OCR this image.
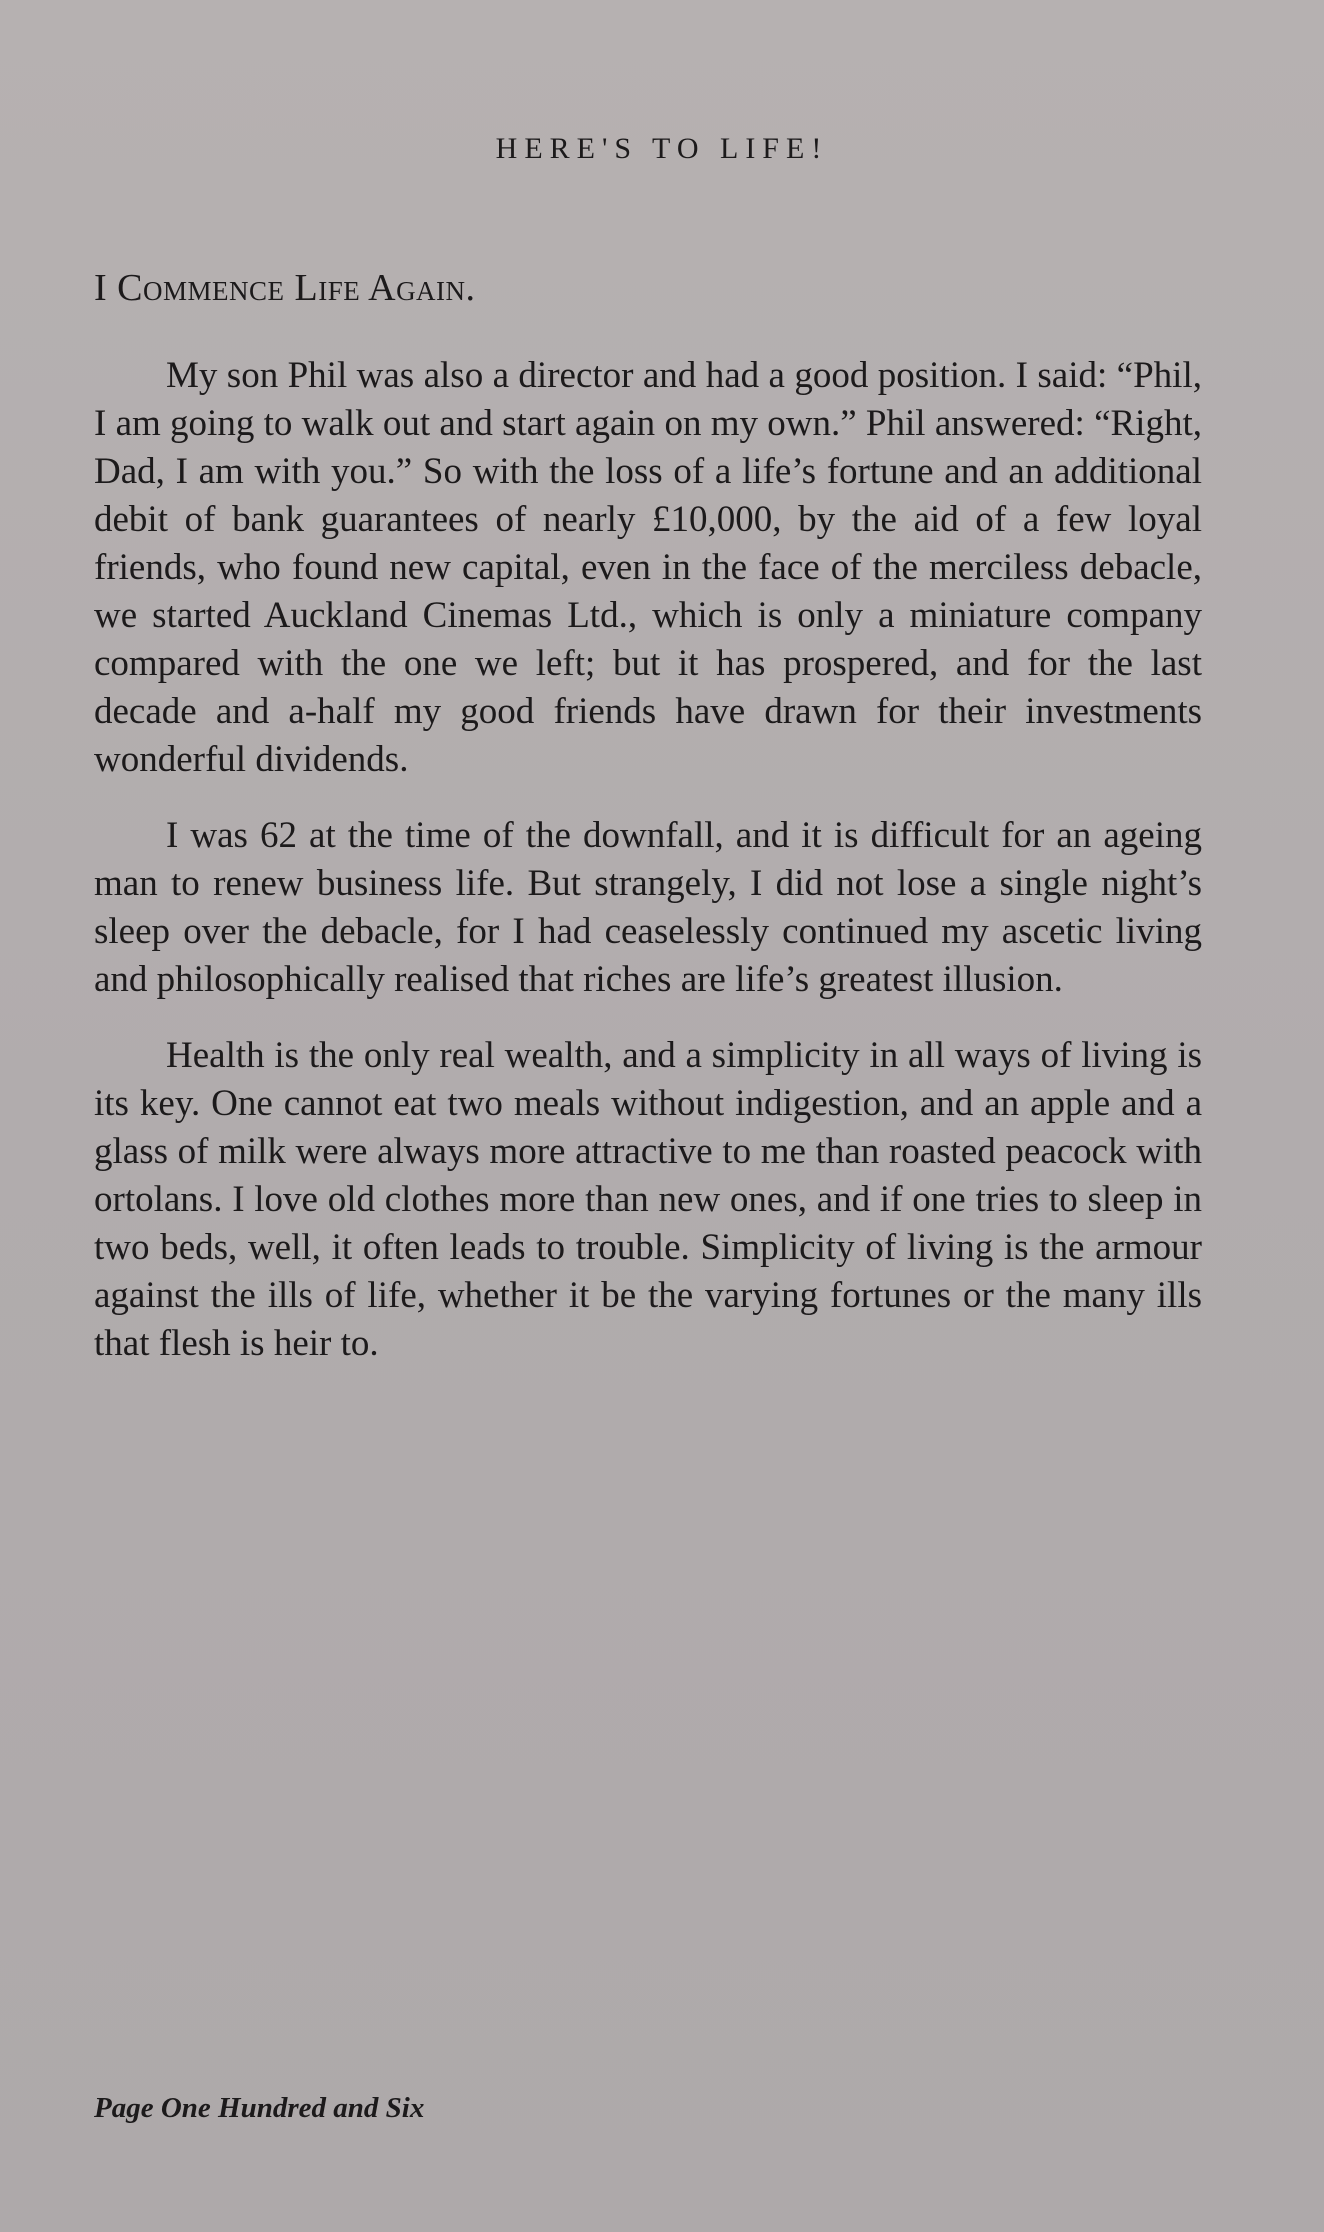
HERE'S TO LIFE!
I Commence Life Again.

My son Phil was also a director and had a good position. I said: “Phil, I am going to walk out and start again on my own.” Phil answered: “Right, Dad, I am with you.” So with the loss of a life’s fortune and an additional debit of bank guarantees of nearly £10,000, by the aid of a few loyal friends, who found new capital, even in the face of the merciless debacle, we started Auckland Cinemas Ltd., which is only a miniature company compared with the one we left; but it has prospered, and for the last decade and a-half my good friends have drawn for their investments wonderful dividends.

I was 62 at the time of the downfall, and it is difficult for an ageing man to renew business life. But strangely, I did not lose a single night’s sleep over the debacle, for I had ceaselessly continued my ascetic living and philosophically realised that riches are life’s greatest illusion.

Health is the only real wealth, and a simplicity in all ways of living is its key. One cannot eat two meals without indigestion, and an apple and a glass of milk were always more attractive to me than roasted peacock with ortolans. I love old clothes more than new ones, and if one tries to sleep in two beds, well, it often leads to trouble. Simplicity of living is the armour against the ills of life, whether it be the varying fortunes or the many ills that flesh is heir to.

Page One Hundred and Six
